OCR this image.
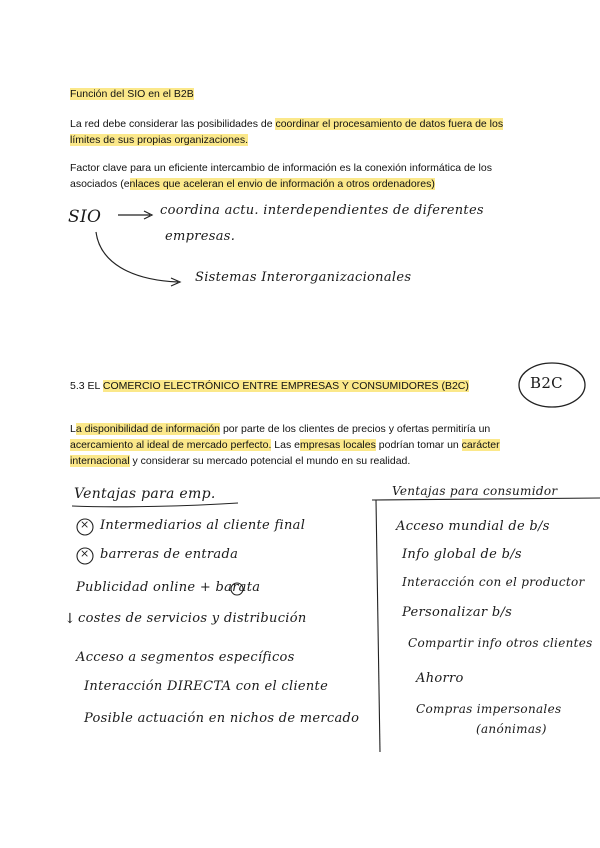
Función del SIO en el B2B
La red debe considerar las posibilidades de coordinar el procesamiento de datos fuera de los límites de sus propias organizaciones.
Factor clave para un eficiente intercambio de información es la conexión informática de los asociados (enlaces que aceleran el envio de información a otros ordenadores)
SIO	coordina actu. interdependientes de diferentes
empresas.
Sistemas Interorganizacionales
5.3 EL COMERCIO ELECTRÓNICO ENTRE EMPRESAS Y CONSUMIDORES (B2C)	B2C
La disponibilidad de información por parte de los clientes de precios y ofertas permitiría un acercamiento al ideal de mercado perfecto. Las empresas locales podrían tomar un carácter internacional y considerar su mercado potencial el mundo en su realidad.
Ventajas para emp.
× Intermediarios al cliente final
× barreras de entrada
Publicidad online + barata
↓ costes de servicios y distribución
Acceso a segmentos específicos
Interacción DIRECTA con el cliente
Posible actuación en nichos de mercado
Ventajas para consumidor
Acceso mundial de b/s
Info global de b/s
Interacción con el productor
Personalizar b/s
Compartir info otros clientes
Ahorro
Compras impersonales
(anónimas)
